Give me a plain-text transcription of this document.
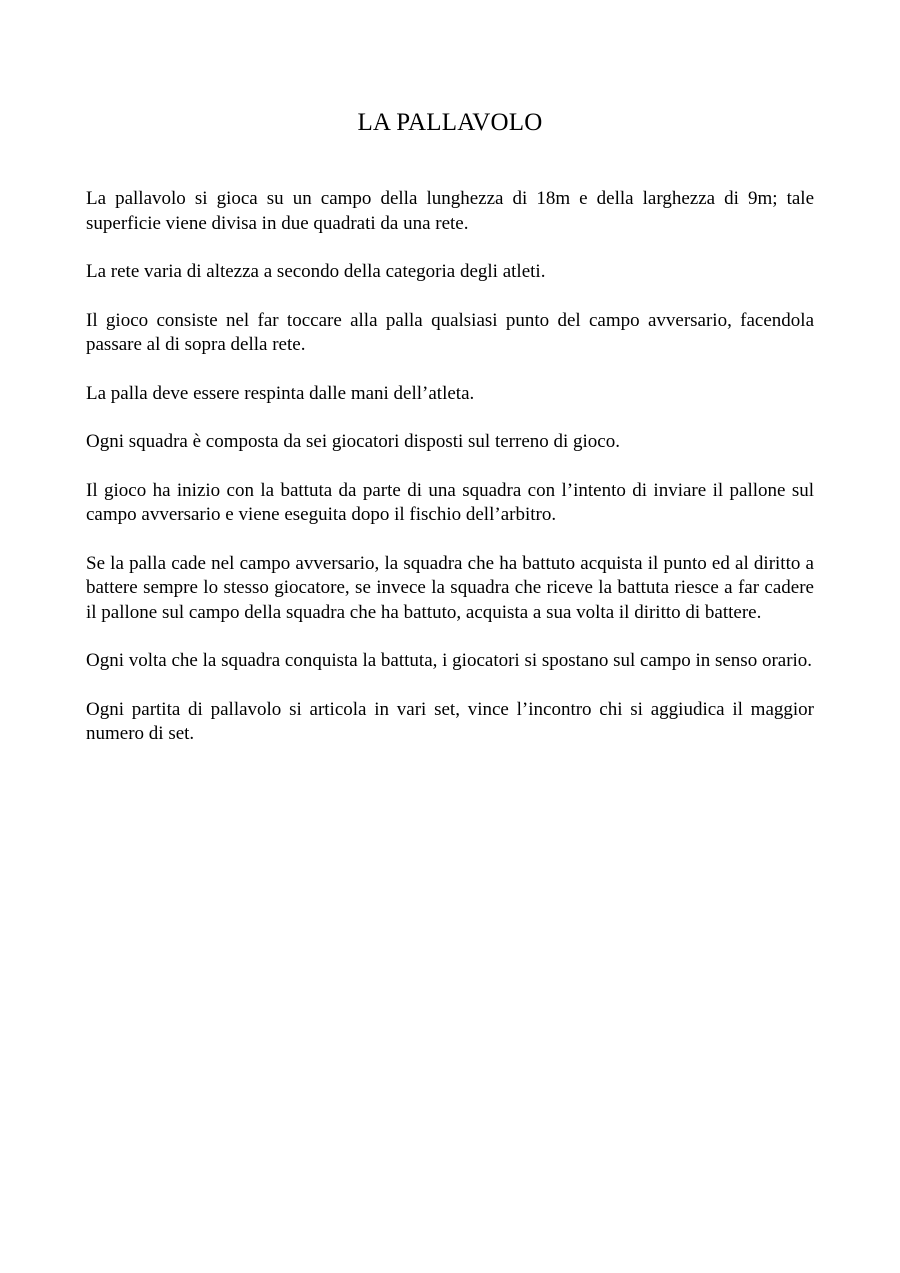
LA PALLAVOLO

La pallavolo si gioca su un campo della lunghezza di 18m e della larghezza di 9m; tale superficie viene divisa in due quadrati da una rete.

La rete varia di altezza a secondo della categoria degli atleti.

Il gioco consiste nel far toccare alla palla qualsiasi punto del campo avversario, facendola passare al di sopra della rete.

La palla deve essere respinta dalle mani dell’atleta.

Ogni squadra è composta da sei giocatori disposti sul terreno di gioco.

Il gioco ha inizio con la battuta da parte di una squadra con l’intento di inviare il pallone sul campo avversario e viene eseguita dopo il fischio dell’arbitro.

Se la palla cade nel campo avversario, la squadra che ha battuto acquista il punto ed al diritto a battere sempre lo stesso giocatore, se invece la squadra che riceve la battuta riesce a far cadere il pallone sul campo della squadra che ha battuto, acquista a sua volta il diritto di battere.

Ogni volta che la squadra conquista la battuta, i giocatori si spostano sul campo in senso orario.

Ogni partita di pallavolo si articola in vari set, vince l’incontro chi si aggiudica il maggior numero di set.
